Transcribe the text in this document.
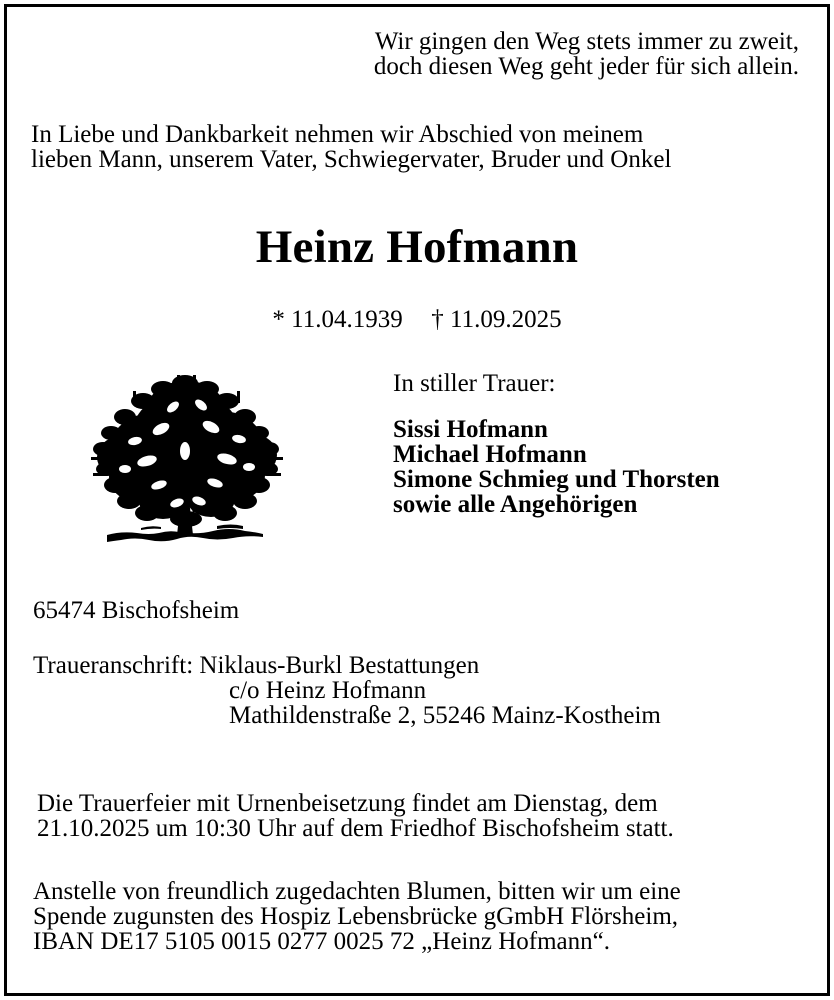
Wir gingen den Weg stets immer zu zweit,
doch diesen Weg geht jeder für sich allein.
In Liebe und Dankbarkeit nehmen wir Abschied von meinem
lieben Mann, unserem Vater, Schwiegervater, Bruder und Onkel
Heinz Hofmann
* 11.04.1939 † 11.09.2025
In stiller Trauer:
Sissi Hofmann
Michael Hofmann
Simone Schmieg und Thorsten
sowie alle Angehörigen
65474 Bischofsheim
Traueranschrift: Niklaus-Burkl Bestattungen
c/o Heinz Hofmann
Mathildenstraße 2, 55246 Mainz-Kostheim
Die Trauerfeier mit Urnenbeisetzung findet am Dienstag, dem
21.10.2025 um 10:30 Uhr auf dem Friedhof Bischofsheim statt.
Anstelle von freundlich zugedachten Blumen, bitten wir um eine
Spende zugunsten des Hospiz Lebensbrücke gGmbH Flörsheim,
IBAN DE17 5105 0015 0277 0025 72 „Heinz Hofmann“.
